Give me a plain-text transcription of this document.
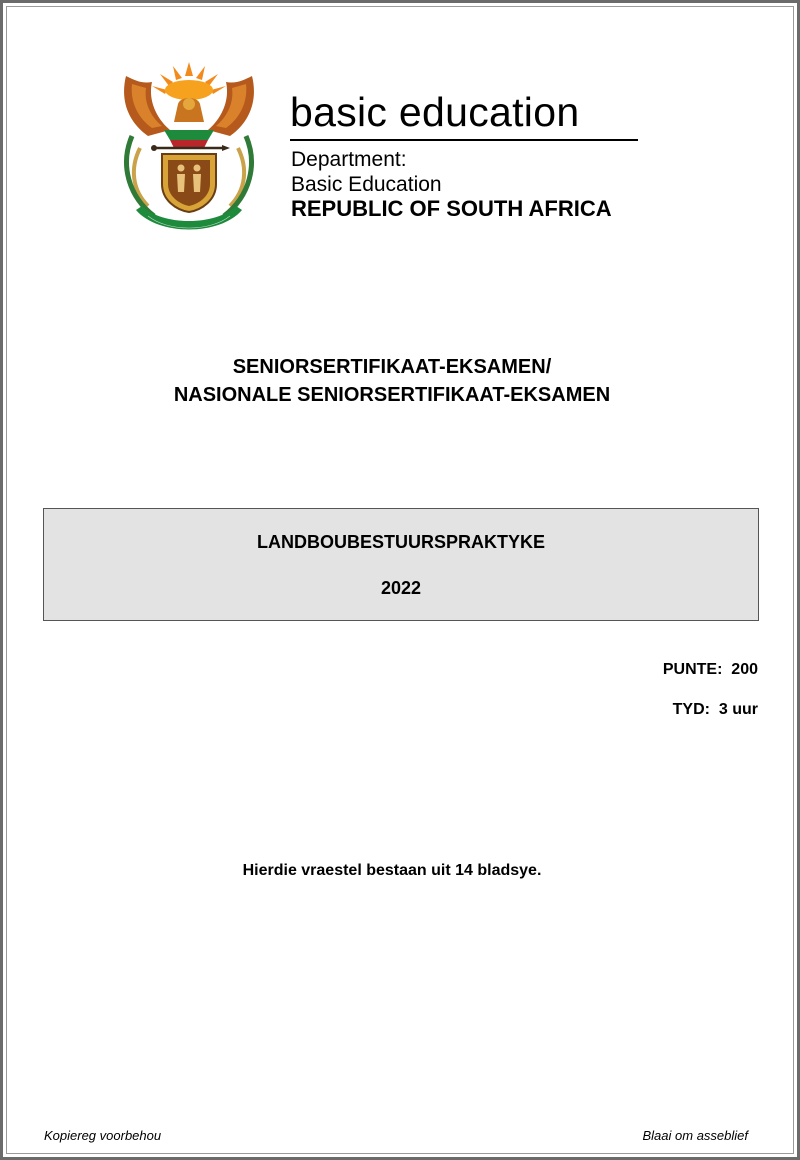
basic education
Department:
Basic Education
REPUBLIC OF SOUTH AFRICA
SENIORSERTIFIKAAT-EKSAMEN/
NASIONALE SENIORSERTIFIKAAT-EKSAMEN
LANDBOUBESTUURSPRAKTYKE
2022
PUNTE:  200
TYD:  3 uur
Hierdie vraestel bestaan uit 14 bladsye.
Kopiereg voorbehou	Blaai om asseblief
